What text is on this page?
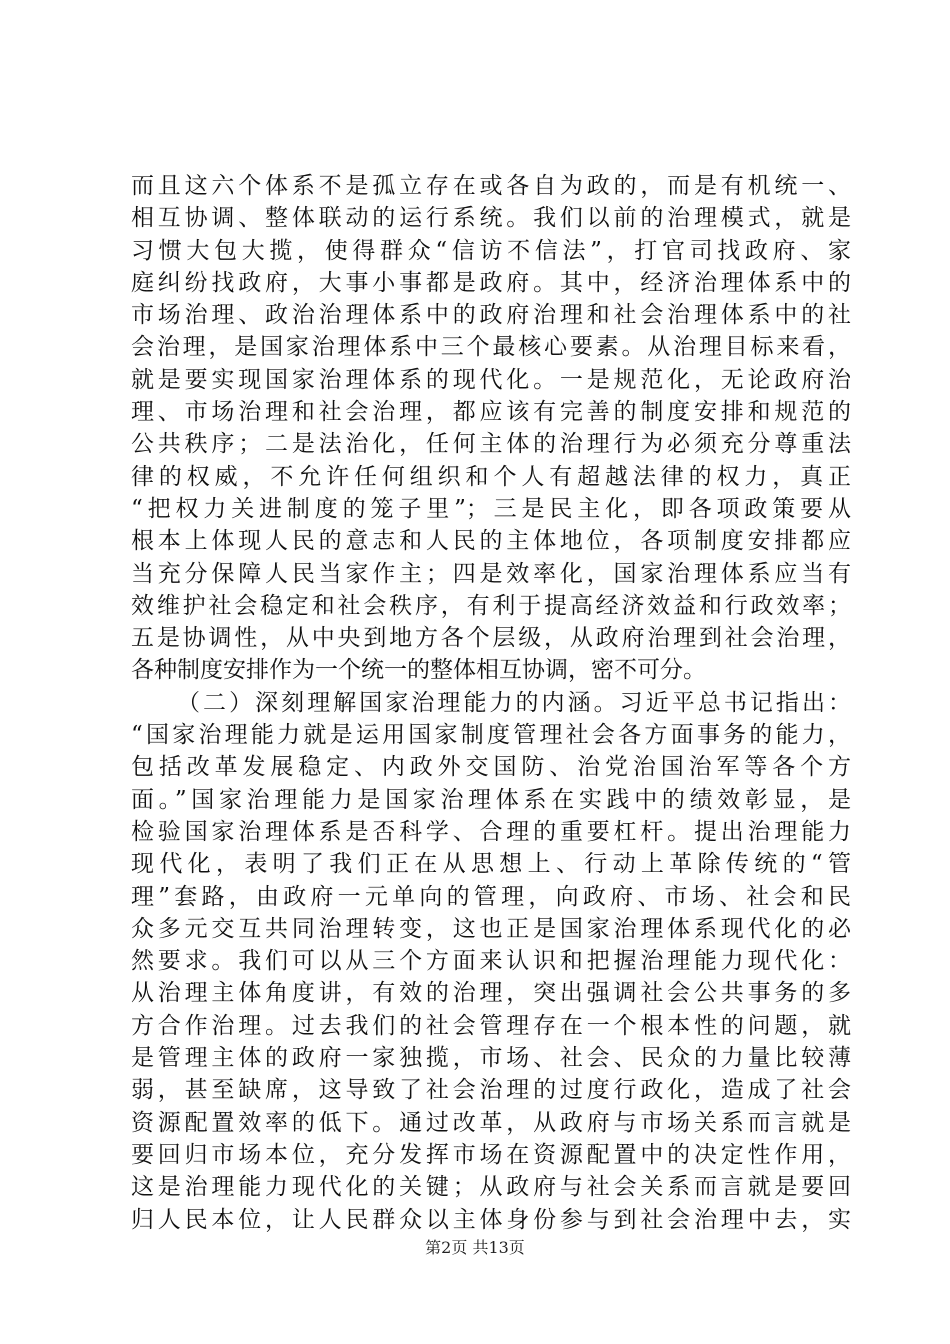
而且这六个体系不是孤立存在或各自为政的，而是有机统一、
相互协调、整体联动的运行系统。我们以前的治理模式，就是
习惯大包大揽，使得群众“信访不信法”，打官司找政府、家
庭纠纷找政府，大事小事都是政府。其中，经济治理体系中的
市场治理、政治治理体系中的政府治理和社会治理体系中的社
会治理，是国家治理体系中三个最核心要素。从治理目标来看，
就是要实现国家治理体系的现代化。一是规范化，无论政府治
理、市场治理和社会治理，都应该有完善的制度安排和规范的
公共秩序；二是法治化，任何主体的治理行为必须充分尊重法
律的权威，不允许任何组织和个人有超越法律的权力，真正
“把权力关进制度的笼子里”；三是民主化，即各项政策要从
根本上体现人民的意志和人民的主体地位，各项制度安排都应
当充分保障人民当家作主；四是效率化，国家治理体系应当有
效维护社会稳定和社会秩序，有利于提高经济效益和行政效率；
五是协调性，从中央到地方各个层级，从政府治理到社会治理，
各种制度安排作为一个统一的整体相互协调，密不可分。
（二）深刻理解国家治理能力的内涵。习近平总书记指出：
“国家治理能力就是运用国家制度管理社会各方面事务的能力，
包括改革发展稳定、内政外交国防、治党治国治军等各个方
面。”国家治理能力是国家治理体系在实践中的绩效彰显，是
检验国家治理体系是否科学、合理的重要杠杆。提出治理能力
现代化，表明了我们正在从思想上、行动上革除传统的“管
理”套路，由政府一元单向的管理，向政府、市场、社会和民
众多元交互共同治理转变，这也正是国家治理体系现代化的必
然要求。我们可以从三个方面来认识和把握治理能力现代化：
从治理主体角度讲，有效的治理，突出强调社会公共事务的多
方合作治理。过去我们的社会管理存在一个根本性的问题，就
是管理主体的政府一家独揽，市场、社会、民众的力量比较薄
弱，甚至缺席，这导致了社会治理的过度行政化，造成了社会
资源配置效率的低下。通过改革，从政府与市场关系而言就是
要回归市场本位，充分发挥市场在资源配置中的决定性作用，
这是治理能力现代化的关键；从政府与社会关系而言就是要回
归人民本位，让人民群众以主体身份参与到社会治理中去，实
第2页 共13页
